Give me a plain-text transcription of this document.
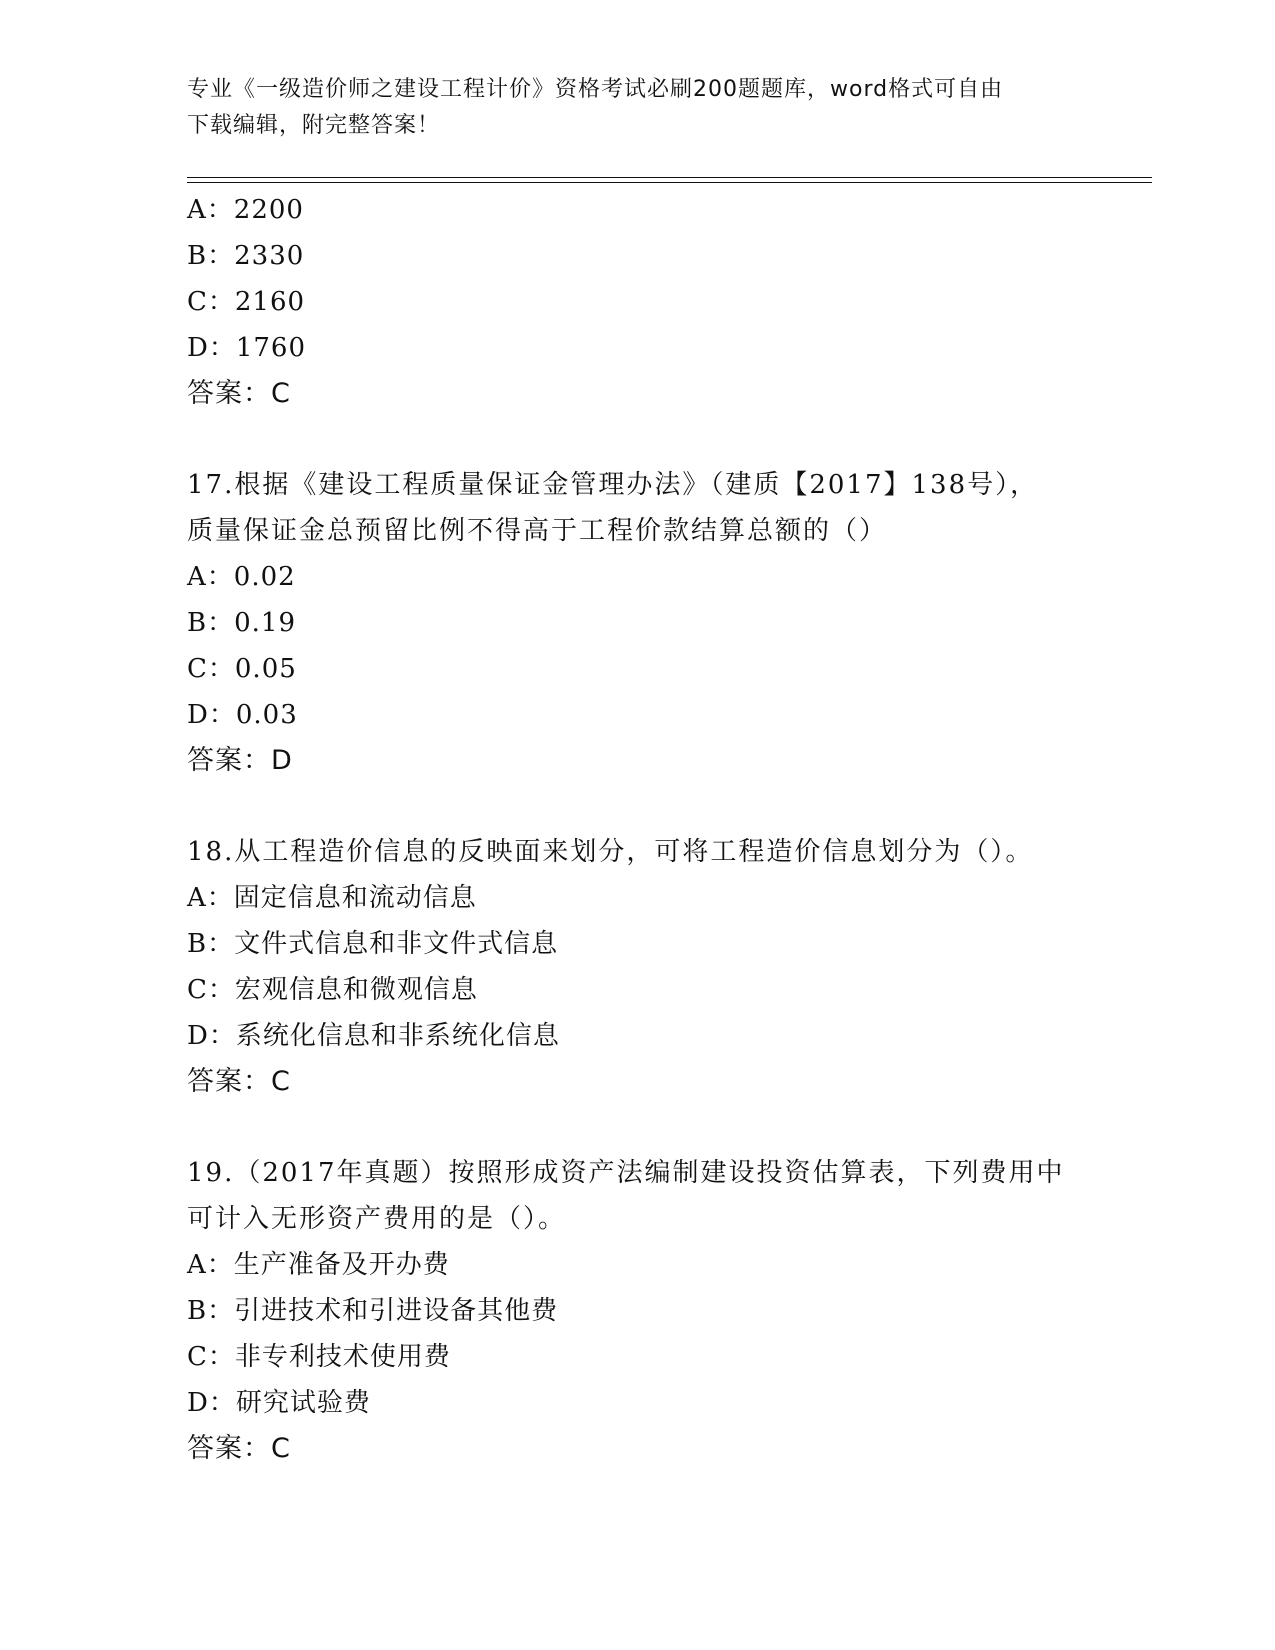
专业《一级造价师之建设工程计价》资格考试必刷200题题库，word格式可自由
下载编辑，附完整答案！
A：2200
B：2330
C：2160
D：1760
答案：C
17.根据《建设工程质量保证金管理办法》（建质【2017】138号），
质量保证金总预留比例不得高于工程价款结算总额的（）
A：0.02
B：0.19
C：0.05
D：0.03
答案：D
18.从工程造价信息的反映面来划分，可将工程造价信息划分为（）。
A：固定信息和流动信息
B：文件式信息和非文件式信息
C：宏观信息和微观信息
D：系统化信息和非系统化信息
答案：C
19.（2017年真题）按照形成资产法编制建设投资估算表，下列费用中
可计入无形资产费用的是（）。
A：生产准备及开办费
B：引进技术和引进设备其他费
C：非专利技术使用费
D：研究试验费
答案：C
